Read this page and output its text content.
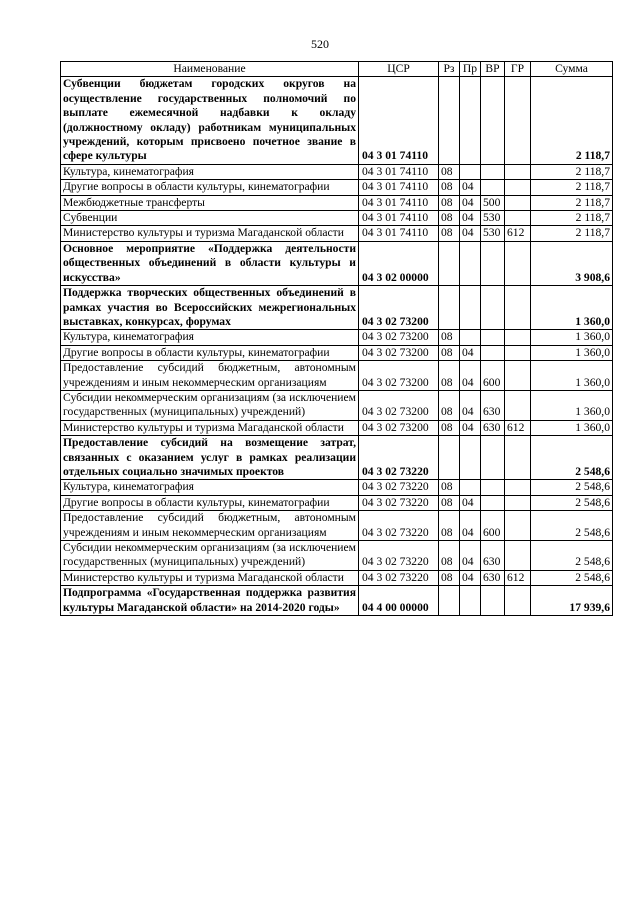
520
Наименование	ЦСР	Рз	Пр	ВР	ГР	Сумма
Субвенции бюджетам городских округов на осуществление государственных полномочий по выплате ежемесячной надбавки к окладу (должностному окладу) работникам муниципальных учреждений, которым присвоено почетное звание в сфере культуры	04 3 01 74110					2 118,7
Культура, кинематография	04 3 01 74110	08				2 118,7
Другие вопросы в области культуры, кинематографии	04 3 01 74110	08	04			2 118,7
Межбюджетные трансферты	04 3 01 74110	08	04	500		2 118,7
Субвенции	04 3 01 74110	08	04	530		2 118,7
Министерство культуры и туризма Магаданской области	04 3 01 74110	08	04	530	612	2 118,7
Основное мероприятие «Поддержка деятельности общественных объединений в области культуры и искусства»	04 3 02 00000					3 908,6
Поддержка творческих общественных объединений в рамках участия во Всероссийских межрегиональных выставках, конкурсах, форумах	04 3 02 73200					1 360,0
Культура, кинематография	04 3 02 73200	08				1 360,0
Другие вопросы в области культуры, кинематографии	04 3 02 73200	08	04			1 360,0
Предоставление субсидий бюджетным, автономным учреждениям и иным некоммерческим организациям	04 3 02 73200	08	04	600		1 360,0
Субсидии некоммерческим организациям (за исключением государственных (муниципальных) учреждений)	04 3 02 73200	08	04	630		1 360,0
Министерство культуры и туризма Магаданской области	04 3 02 73200	08	04	630	612	1 360,0
Предоставление субсидий на возмещение затрат, связанных с оказанием услуг в рамках реализации отдельных социально значимых проектов	04 3 02 73220					2 548,6
Культура, кинематография	04 3 02 73220	08				2 548,6
Другие вопросы в области культуры, кинематографии	04 3 02 73220	08	04			2 548,6
Предоставление субсидий бюджетным, автономным учреждениям и иным некоммерческим организациям	04 3 02 73220	08	04	600		2 548,6
Субсидии некоммерческим организациям (за исключением государственных (муниципальных) учреждений)	04 3 02 73220	08	04	630		2 548,6
Министерство культуры и туризма Магаданской области	04 3 02 73220	08	04	630	612	2 548,6
Подпрограмма «Государственная поддержка развития культуры Магаданской области» на 2014-2020 годы»	04 4 00 00000					17 939,6
